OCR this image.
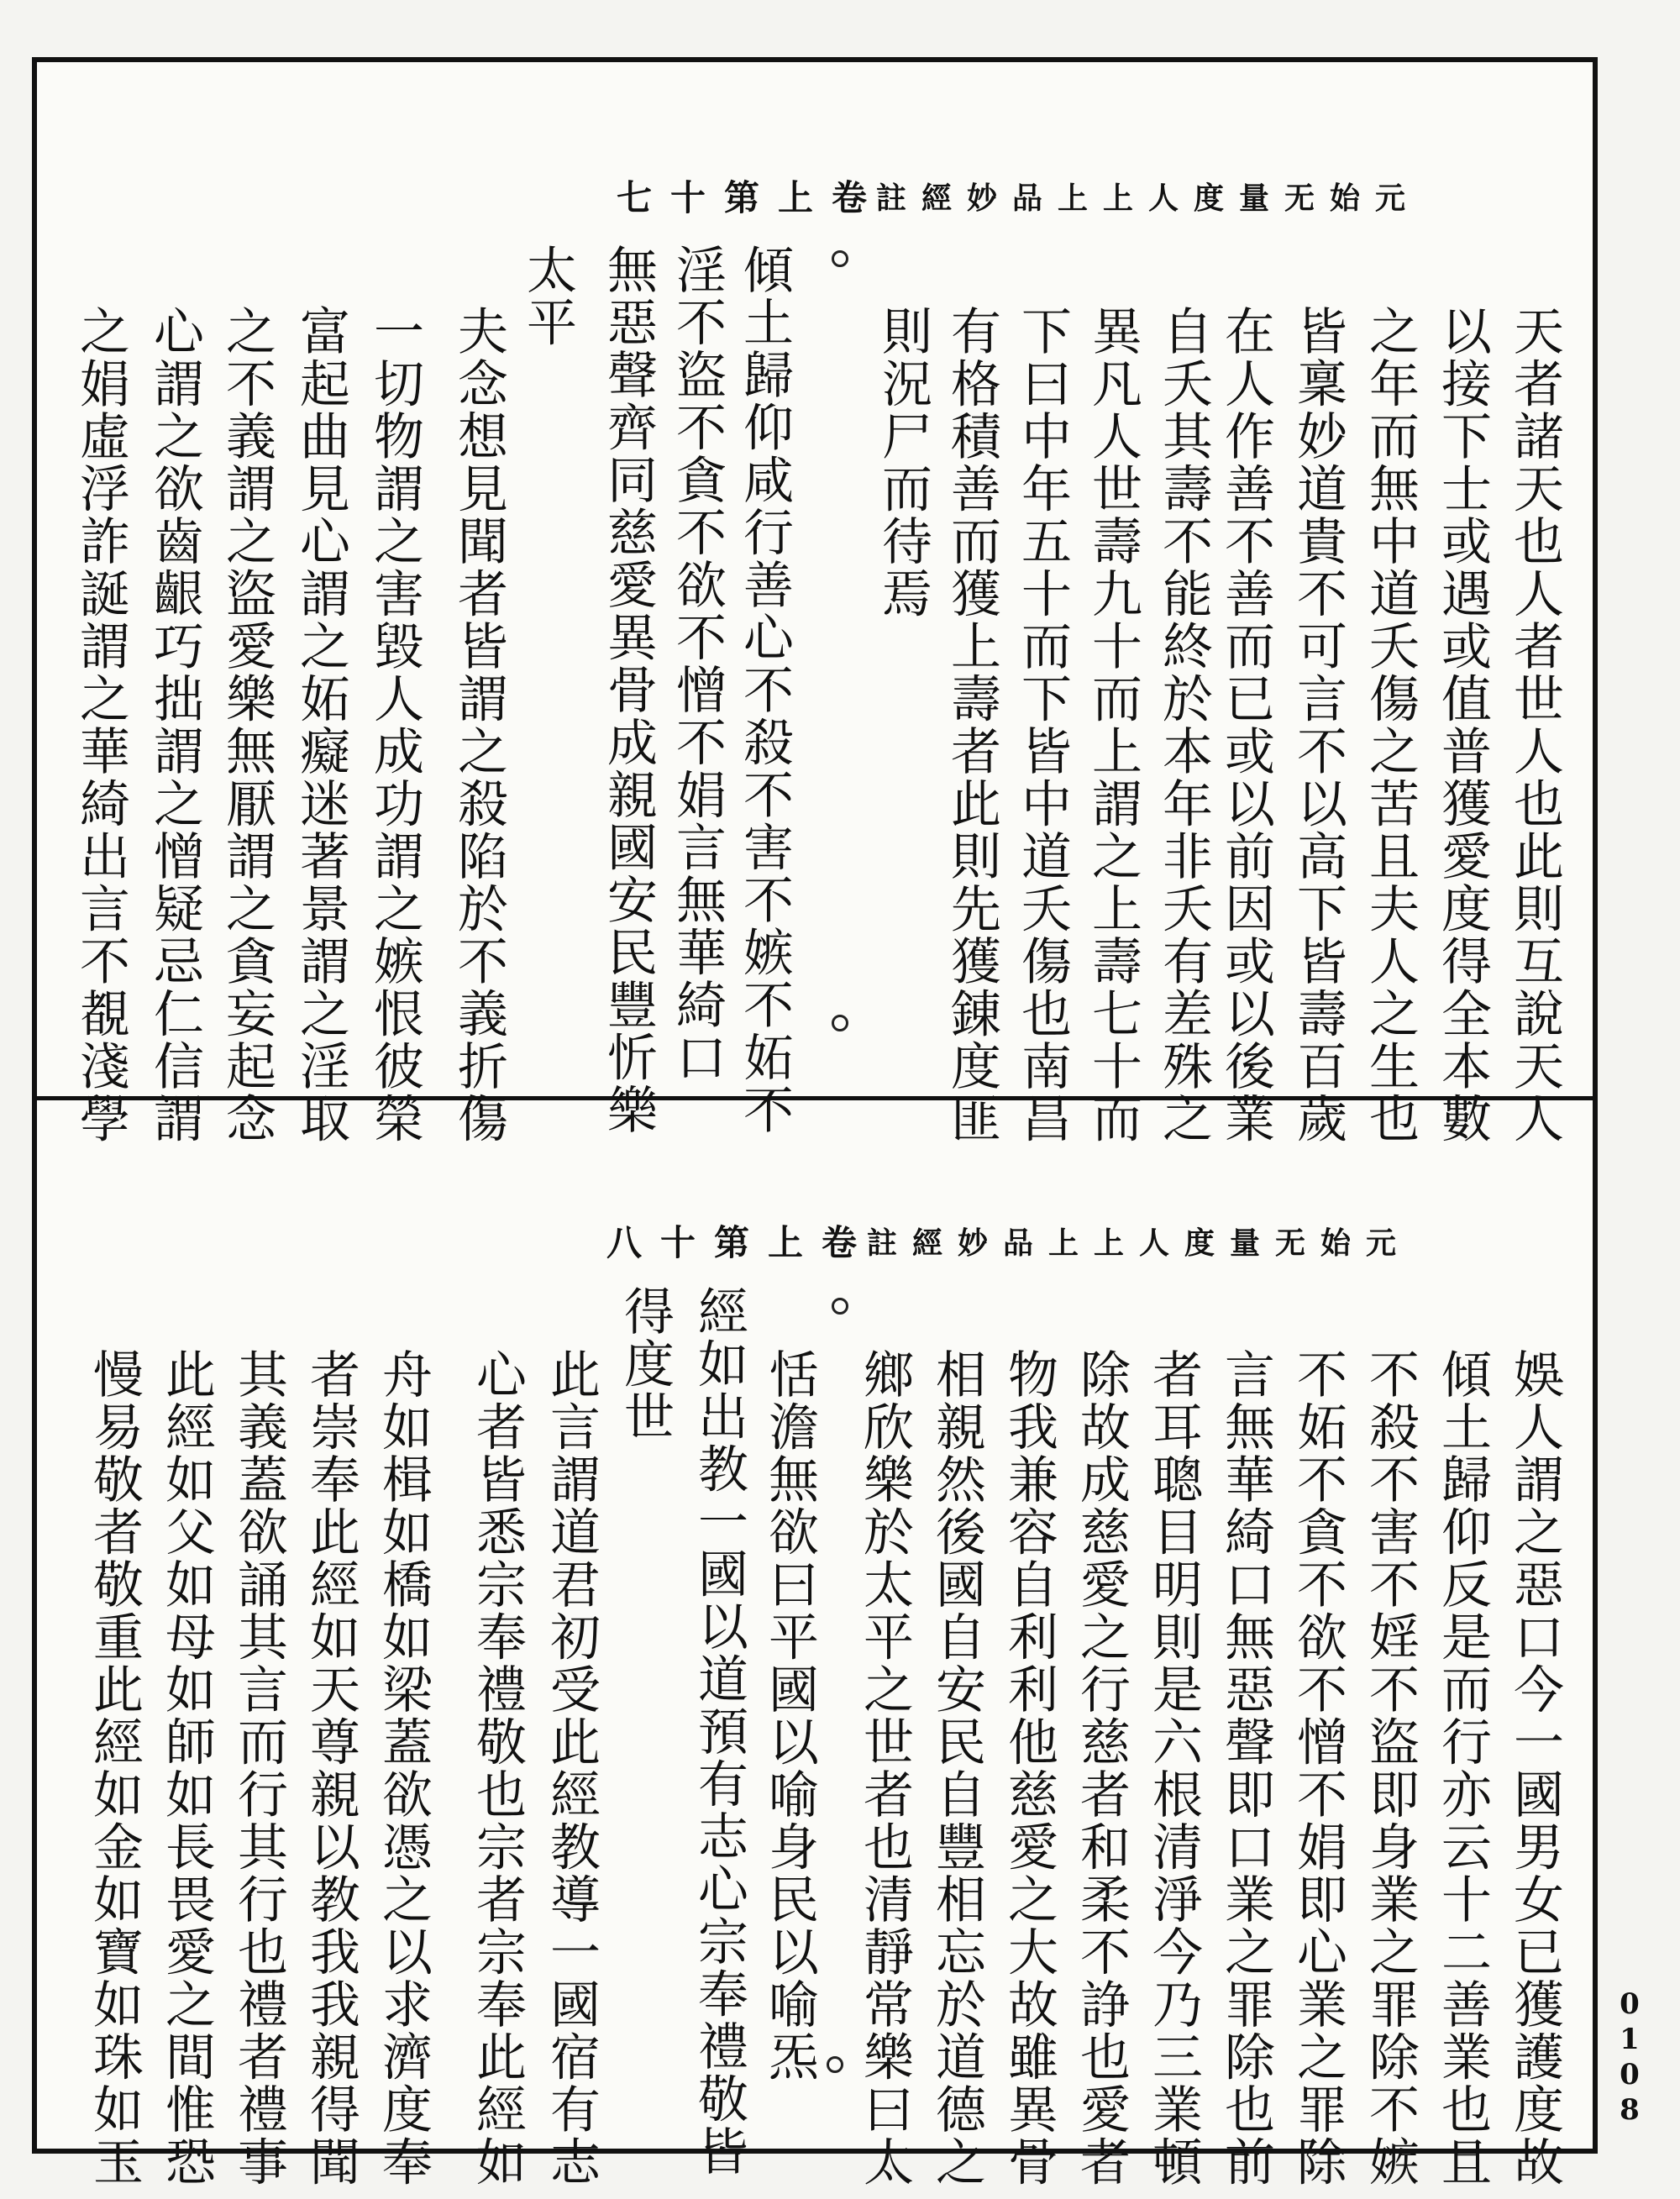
七十第上卷
註經妙品上上人度量无始元
天者諸天也人者世人也此則互說天人
以接下士或遇或值普獲愛度得全本數
之年而無中道夭傷之苦且夫人之生也
皆稟妙道貴不可言不以高下皆壽百歲
在人作善不善而已或以前因或以後業
則況尸而待焉 有格積善而獲上壽者此則先獲錬度匪 下曰中年五十而下皆中道夭傷也南昌 異凡人世壽九十而上謂之上壽七十而 自夭其壽不能終於本年非夭有差殊之
傾土歸仰咸行善心不殺不害不嫉不妬不
淫不盜不貪不欲不憎不娟言無華綺口
無惡聲齊同慈愛異骨成親國安民豐忻樂
太平
夫念想見聞者皆謂之殺陷於不義折傷
一切物謂之害毀人成功謂之嫉恨彼榮
富起曲見心謂之妬癡迷著景謂之淫取
之不義謂之盜愛樂無厭謂之貪妄起念
心謂之欲齒齦巧拙謂之憎疑忌仁信謂
之娟虛浮詐誕謂之華綺出言不覩淺學
八十第上卷
註經妙品上上人度量无始元
娛人謂之惡口今一國男女已獲護度故
傾土歸仰反是而行亦云十二善業也且
不殺不害不婬不盜即身業之罪除不嫉
不妬不貪不欲不憎不娟即心業之罪除
言無華綺口無惡聲即口業之罪除也前
者耳聰目明則是六根清淨今乃三業頓
除故成慈愛之行慈者和柔不諍也愛者
物我兼容自利利他慈愛之大故雖異骨
相親然後國自安民自豐相忘於道德之
鄉欣樂於太平之世者也清靜常樂曰太
恬澹無欲曰平國以喻身民以喻炁
經如出教一國以道預有志心宗奉禮敬皆
得度世
此言謂道君初受此經教導一國宿有志
心者皆悉宗奉禮敬也宗者宗奉此經如
舟如楫如橋如梁蓋欲憑之以求濟度奉
者崇奉此經如天尊親以教我我親得聞
其義蓋欲誦其言而行其行也禮者禮事
此經如父如母如師如長畏愛之間惟恐
慢易敬者敬重此經如金如寶如珠如玉	0108
